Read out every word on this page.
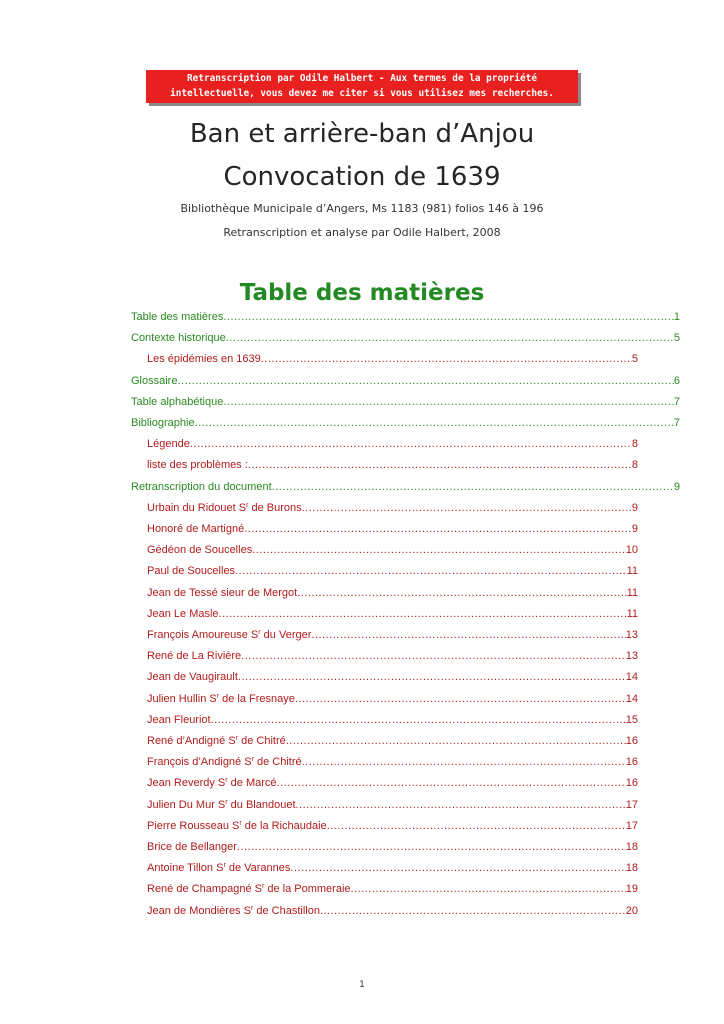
Retranscription par Odile Halbert - Aux termes de la propriété
intellectuelle, vous devez me citer si vous utilisez mes recherches.
Ban et arrière-ban d’Anjou
Convocation de 1639
Bibliothèque Municipale d’Angers, Ms 1183 (981) folios 146 à 196
Retranscription et analyse par Odile Halbert, 2008
Table des matières
Table des matières .....	1
Contexte historique .....	5
Les épidémies en 1639 .....	5
Glossaire .....	6
Table alphabétique .....	7
Bibliographie .....	7
Légende .....	8
liste des problèmes : .....	8
Retranscription du document .....	9
Urbain du Ridouet $S^r$ de Burons .....	9
Honoré de Martigné .....	9
Gédéon de Soucelles .....	10
Paul de Soucelles .....	11
Jean de Tessé sieur de Mergot .....	11
Jean Le Masle .....	11
François Amoureuse $S^r$ du Verger .....	13
René de La Rivière .....	13
Jean de Vaugirault .....	14
Julien Hullin $S^r$ de la Fresnaye .....	14
Jean Fleuriot .....	15
René d’Andigné $S^r$ de Chitré .....	16
François d’Andigné $S^r$ de Chitré .....	16
Jean Reverdy $S^r$ de Marcé .....	16
Julien Du Mur $S^r$ du Blandouet .....	17
Pierre Rousseau $S^r$ de la Richaudaie .....	17
Brice de Bellanger .....	18
Antoine Tillon $S^r$ de Varannes .....	18
René de Champagné $S^r$ de la Pommeraie .....	19
Jean de Mondières $S^r$ de Chastillon .....	20
1
